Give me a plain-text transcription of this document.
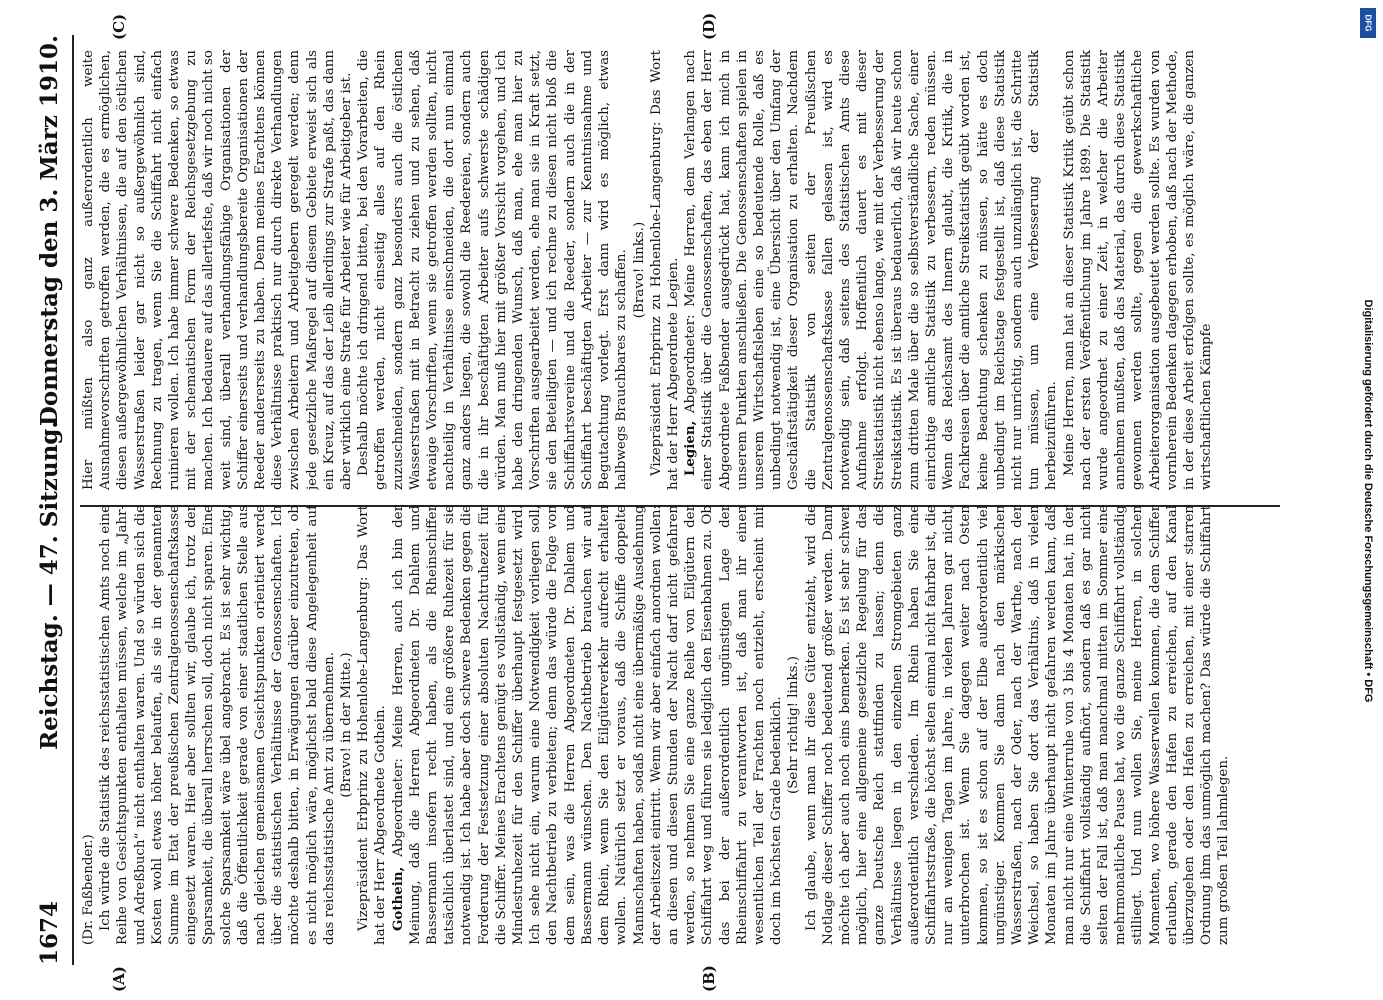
1674
Reichstag. — 47. Sitzung.
Donnerstag den 3. März 1910.
(A)	(B)
(C)	(D)

(Dr. Faßbender.) Ich würde die Statistik des reichsstatistischen Amts noch eine Reihe von Gesichtspunkten enthalten müssen, welche im „Jahr- und Adreßbuch“ nicht enthalten waren. Und so würden sich die Kosten wohl etwas höher belaufen, als sie in der genannten Summe im Etat der preußischen Zentralgenossenschaftskasse eingesetzt waren. Hier aber sollten wir, glaube ich, trotz der Sparsamkeit, die überall herrschen soll, doch nicht sparen. Eine solche Sparsamkeit wäre übel angebracht. Es ist sehr wichtig, daß die Öffentlichkeit gerade von einer staatlichen Stelle aus nach gleichen gemeinsamen Gesichtspunkten orientiert werde über die statistischen Verhältnisse der Genossenschaften. Ich möchte deshalb bitten, in Erwägungen darüber einzutreten, ob es nicht möglich wäre, möglichst bald diese Angelegenheit auf das reichsstatistische Amt zu übernehmen. (Bravo! in der Mitte.) Vizepräsident Erbprinz zu Hohenlohe-Langenburg: Das Wort hat der Herr Abgeordnete Gothein. Gothein, Abgeordneter: Meine Herren, auch ich bin der Meinung, daß die Herren Abgeordneten Dr. Dahlem und Bassermann insofern recht haben, als die Rheinschiffer tatsächlich überlastet sind, und eine größere Ruhezeit für sie notwendig ist. Ich habe aber doch schwere Bedenken gegen die Forderung der Festsetzung einer absoluten Nachtruhezeit für die Schiffer. Meines Erachtens genügt es vollständig, wenn eine Mindestruhezeit für den Schiffer überhaupt festgesetzt wird. Ich sehe nicht ein, warum eine Notwendigkeit vorliegen soll, den Nachtbetrieb zu verbieten; denn das würde die Folge von dem sein, was die Herren Abgeordneten Dr. Dahlem und Bassermann wünschen. Den Nachtbetrieb brauchen wir auf dem Rhein, wenn Sie den Eilgüterverkehr aufrecht erhalten wollen. Natürlich setzt er voraus, daß die Schiffe doppelte Mannschaften haben, sodaß nicht eine übermäßige Ausdehnung der Arbeitszeit eintritt. Wenn wir aber einfach anordnen wollen: an diesen und diesen Stunden der Nacht darf nicht gefahren werden, so nehmen Sie eine ganze Reihe von Eilgütern der Schiffahrt weg und führen sie lediglich den Eisenbahnen zu. Ob das bei der außerordentlich ungünstigen Lage der Rheinschiffahrt zu verantworten ist, daß man ihr einen wesentlichen Teil der Frachten noch entzieht, erscheint mir doch im höchsten Grade bedenklich. (Sehr richtig! links.) Ich glaube, wenn man ihr diese Güter entzieht, wird die Notlage dieser Schiffer noch bedeutend größer werden. Dann möchte ich aber auch noch eins bemerken. Es ist sehr schwer möglich, hier eine allgemeine gesetzliche Regelung für das ganze Deutsche Reich stattfinden zu lassen; denn die Verhältnisse liegen in den einzelnen Stromgebieten ganz außerordentlich verschieden. Im Rhein haben Sie eine Schiffahrtsstraße, die höchst selten einmal nicht fahrbar ist, die nur an wenigen Tagen im Jahre, in vielen Jahren gar nicht, unterbrochen ist. Wenn Sie dagegen weiter nach Osten kommen, so ist es schon auf der Elbe außerordentlich viel ungünstiger. Kommen Sie dann nach den märkischen Wasserstraßen, nach der Oder, nach der Warthe, nach der Weichsel, so haben Sie dort das Verhältnis, daß in vielen Monaten im Jahre überhaupt nicht gefahren werden kann, daß man nicht nur eine Winterruhe von 3 bis 4 Monaten hat, in der die Schiffahrt vollständig aufhört, sondern daß es gar nicht selten der Fall ist, daß man manchmal mitten im Sommer eine mehrmonatliche Pause hat, wo die ganze Schiffahrt vollständig stilliegt. Und nun wollen Sie, meine Herren, in solchen Momenten, wo höhere Wasserwellen kommen, die dem Schiffer erlauben, gerade den Hafen zu erreichen, auf den Kanal überzugehen oder den Hafen zu erreichen, mit einer starren Ordnung ihm das unmöglich machen? Das würde die Schiffahrt zum großen Teil lahmlegen.

Hier müßten also ganz außerordentlich weite Ausnahmevorschriften getroffen werden, die es ermöglichen, diesen außergewöhnlichen Verhältnissen, die auf den östlichen Wasserstraßen leider gar nicht so außergewöhnlich sind, Rechnung zu tragen, wenn Sie die Schiffahrt nicht einfach ruinieren wollen. Ich habe immer schwere Bedenken, so etwas mit der schematischen Form der Reichsgesetzgebung zu machen. Ich bedauere auf das allertiefste, daß wir noch nicht so weit sind, überall verhandlungsfähige Organisationen der Schiffer einerseits und verhandlungsbereite Organisationen der Reeder andererseits zu haben. Denn meines Erachtens können diese Verhältnisse praktisch nur durch direkte Verhandlungen zwischen Arbeitern und Arbeitgebern geregelt werden; denn jede gesetzliche Maßregel auf diesem Gebiete erweist sich als ein Kreuz, auf das der Leib allerdings zur Strafe paßt, das dann aber wirklich eine Strafe für Arbeiter wie für Arbeitgeber ist. Deshalb möchte ich dringend bitten, bei den Vorarbeiten, die getroffen werden, nicht einseitig alles auf den Rhein zuzuschneiden, sondern ganz besonders auch die östlichen Wasserstraßen mit in Betracht zu ziehen und zu sehen, daß etwaige Vorschriften, wenn sie getroffen werden sollten, nicht nachteilig in Verhältnisse einschneiden, die dort nun einmal ganz anders liegen, die sowohl die Reedereien, sondern auch die in ihr beschäftigten Arbeiter aufs schwerste schädigen würden. Man muß hier mit größter Vorsicht vorgehen, und ich habe den dringenden Wunsch, daß man, ehe man hier zu Vorschriften ausgearbeitet werden, ehe man sie in Kraft setzt, sie den Beteiligten — und ich rechne zu diesen nicht bloß die Schiffahrtsvereine und die Reeder, sondern auch die in der Schiffahrt beschäftigten Arbeiter — zur Kenntnisnahme und Begutachtung vorlegt. Erst dann wird es möglich, etwas halbwegs Brauchbares zu schaffen. (Bravo! links.) Vizepräsident Erbprinz zu Hohenlohe-Langenburg: Das Wort hat der Herr Abgeordnete Legien. Legien, Abgeordneter: Meine Herren, dem Verlangen nach einer Statistik über die Genossenschaften, das eben der Herr Abgeordnete Faßbender ausgedrückt hat, kann ich mich in unserem Punkten anschließen. Die Genossenschaften spielen in unserem Wirtschaftsleben eine so bedeutende Rolle, daß es unbedingt notwendig ist, eine Übersicht über den Umfang der Geschäftstätigkeit dieser Organisation zu erhalten. Nachdem die Statistik von seiten der Preußischen Zentralgenossenschaftskasse fallen gelassen ist, wird es notwendig sein, daß seitens des Statistischen Amts diese Aufnahme erfolgt. Hoffentlich dauert es mit dieser Streikstatistik nicht ebenso lange, wie mit der Verbesserung der Streikstatistik. Es ist überaus bedauerlich, daß wir heute schon zum dritten Male über die so selbstverständliche Sache, einer einrichtige amtliche Statistik zu verbessern, reden müssen. Wenn das Reichsamt des Innern glaubt, die Kritik, die in Fachkreisen über die amtliche Streikstatistik geübt worden ist, keine Beachtung schenken zu müssen, so hätte es doch unbedingt im Reichstage festgestellt ist, daß diese Statistik nicht nur unrichtig, sondern auch unzulänglich ist, die Schritte tun müssen, um eine Verbesserung der Statistik herbeizuführen. Meine Herren, man hat an dieser Statistik Kritik geübt schon nach der ersten Veröffentlichung im Jahre 1899. Die Statistik wurde angeordnet zu einer Zeit, in welcher die Arbeiter annehmen mußten, daß das Material, das durch diese Statistik gewonnen werden sollte, gegen die gewerkschaftliche Arbeiterorganisation ausgebeutet werden sollte. Es wurden von vornherein Bedenken dagegen erhoben, daß nach der Methode, in der diese Arbeit erfolgen sollte, es möglich wäre, die ganzen wirtschaftlichen Kämpfe

DFG
Digitalisierung gefördert durch die Deutsche Forschungsgemeinschaft • DFG
